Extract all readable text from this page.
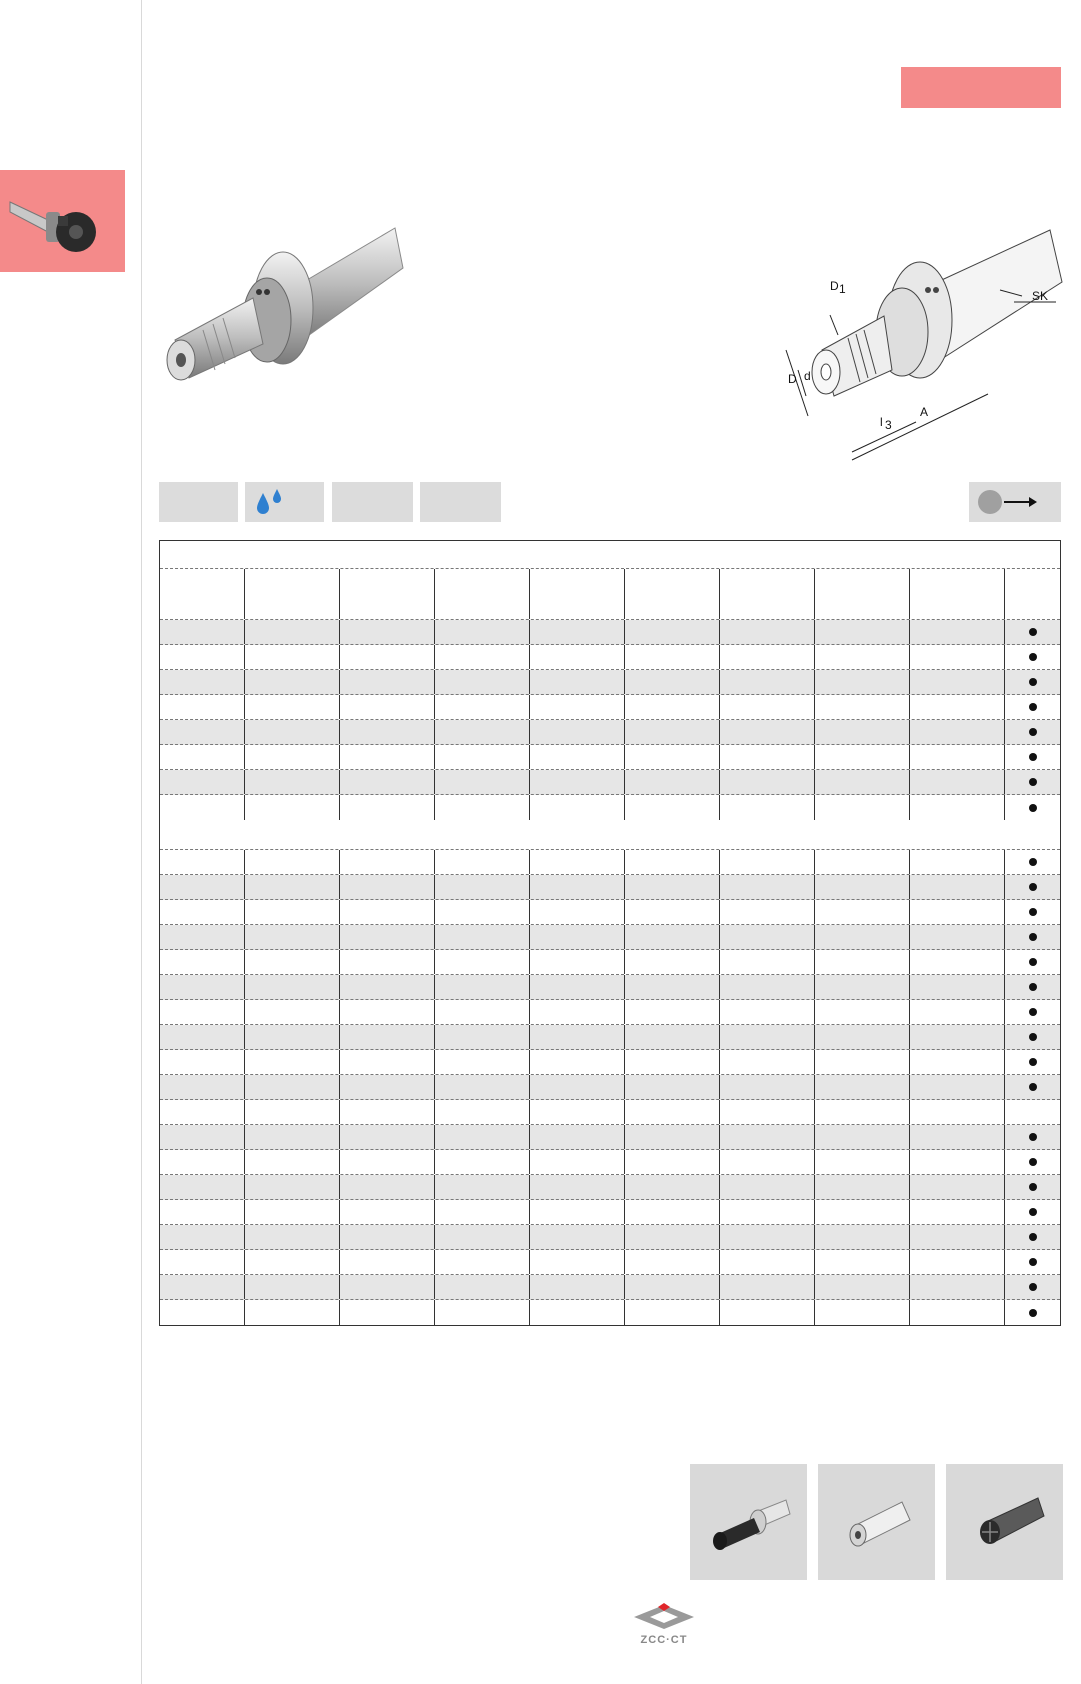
D 1	SK
D d
l 3
A
ZCC·CT
